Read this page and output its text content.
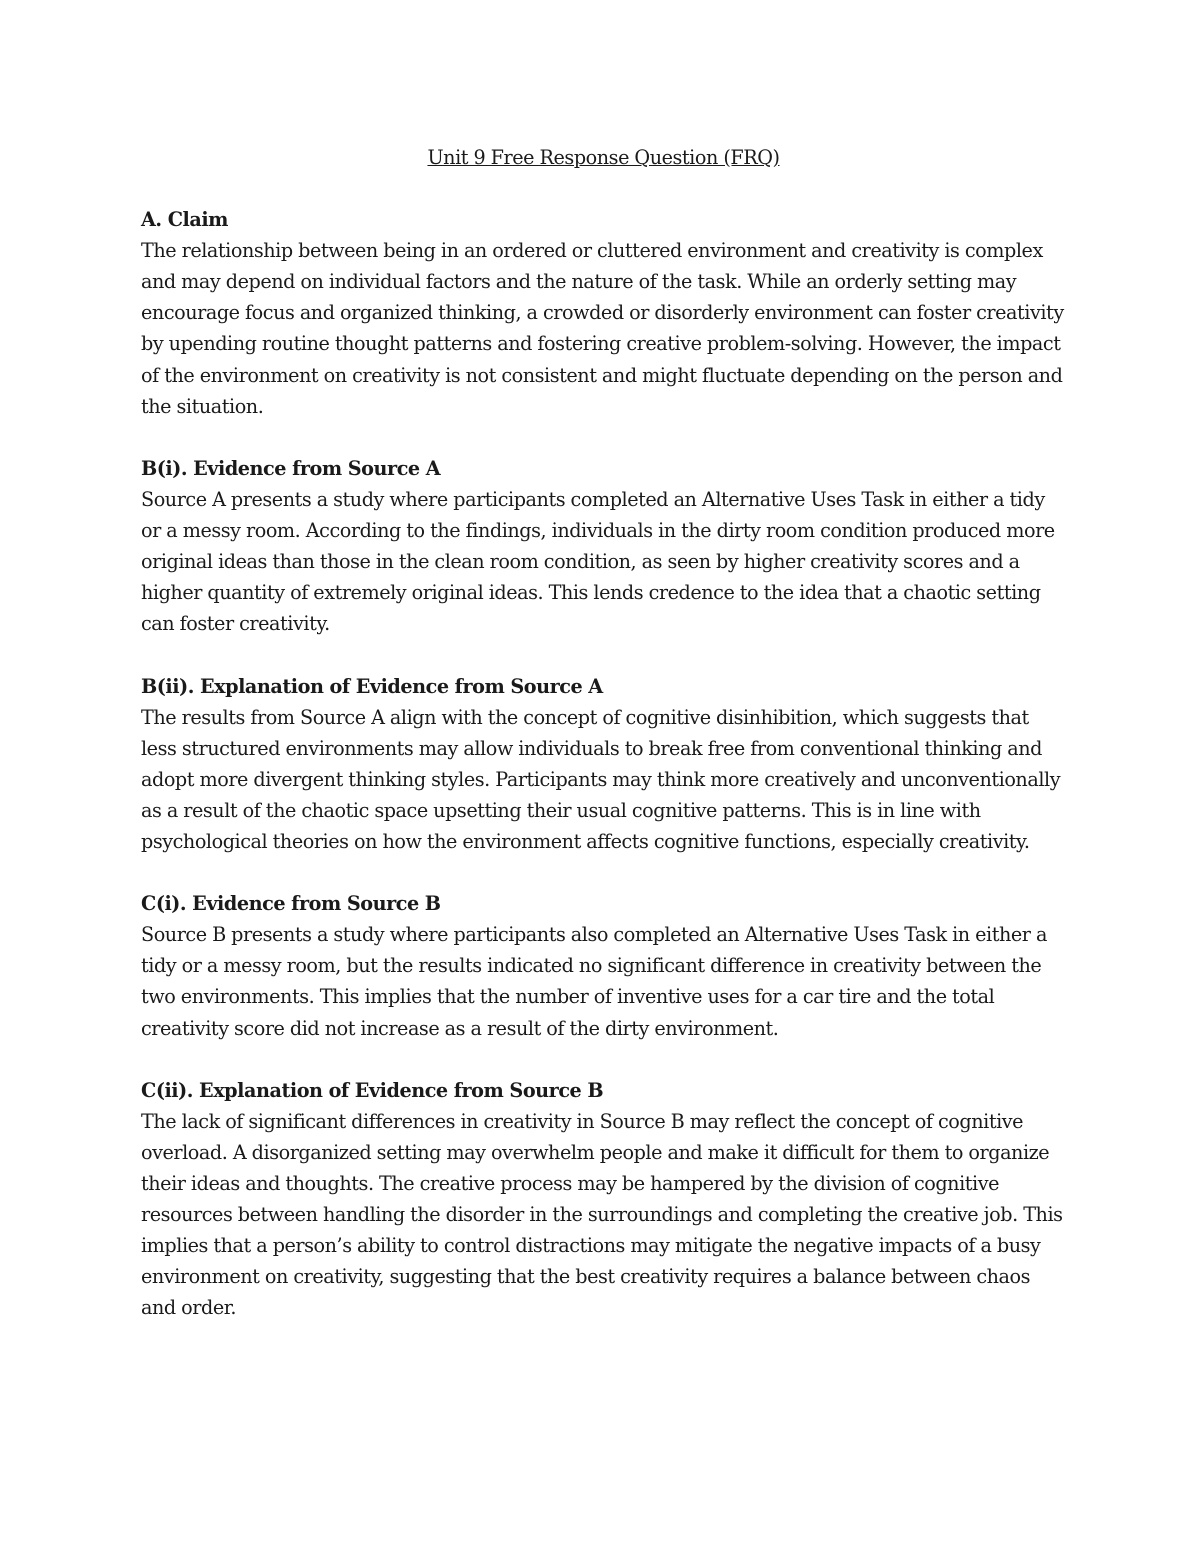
Unit 9 Free Response Question (FRQ)

A. Claim

The relationship between being in an ordered or cluttered environment and creativity is complex and may depend on individual factors and the nature of the task. While an orderly setting may encourage focus and organized thinking, a crowded or disorderly environment can foster creativity by upending routine thought patterns and fostering creative problem-solving. However, the impact of the environment on creativity is not consistent and might fluctuate depending on the person and the situation.

B(i). Evidence from Source A

Source A presents a study where participants completed an Alternative Uses Task in either a tidy or a messy room. According to the findings, individuals in the dirty room condition produced more original ideas than those in the clean room condition, as seen by higher creativity scores and a higher quantity of extremely original ideas. This lends credence to the idea that a chaotic setting can foster creativity.

B(ii). Explanation of Evidence from Source A

The results from Source A align with the concept of cognitive disinhibition, which suggests that less structured environments may allow individuals to break free from conventional thinking and adopt more divergent thinking styles. Participants may think more creatively and unconventionally as a result of the chaotic space upsetting their usual cognitive patterns. This is in line with psychological theories on how the environment affects cognitive functions, especially creativity.

C(i). Evidence from Source B

Source B presents a study where participants also completed an Alternative Uses Task in either a tidy or a messy room, but the results indicated no significant difference in creativity between the two environments. This implies that the number of inventive uses for a car tire and the total creativity score did not increase as a result of the dirty environment.

C(ii). Explanation of Evidence from Source B

The lack of significant differences in creativity in Source B may reflect the concept of cognitive overload. A disorganized setting may overwhelm people and make it difficult for them to organize their ideas and thoughts. The creative process may be hampered by the division of cognitive resources between handling the disorder in the surroundings and completing the creative job. This implies that a person’s ability to control distractions may mitigate the negative impacts of a busy environment on creativity, suggesting that the best creativity requires a balance between chaos and order.
